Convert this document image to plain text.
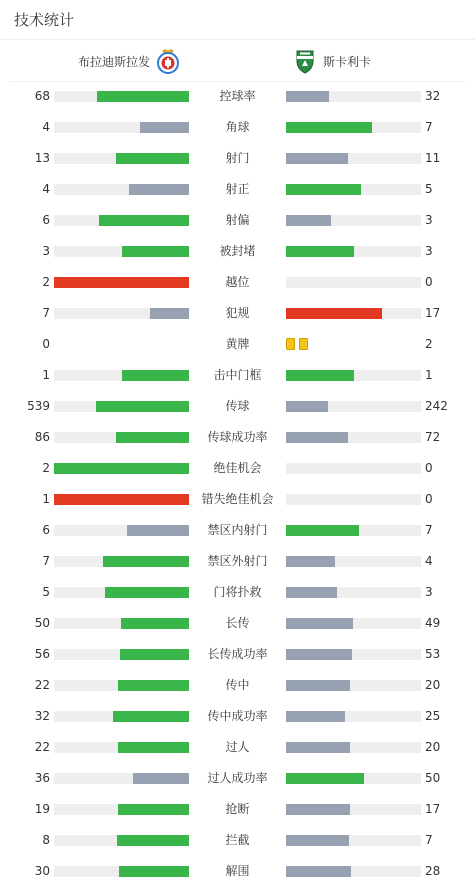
技术统计
布拉迪斯拉发	斯卡利卡
68	控球率	32
4	角球	7
13	射门	11
4	射正	5
6	射偏	3
3	被封堵	3
2	越位	0
7	犯规	17
0	黄牌	2
1	击中门框	1
539	传球	242
86	传球成功率	72
2	绝佳机会	0
1	错失绝佳机会	0
6	禁区内射门	7
7	禁区外射门	4
5	门将扑救	3
50	长传	49
56	长传成功率	53
22	传中	20
32	传中成功率	25
22	过人	20
36	过人成功率	50
19	抢断	17
8	拦截	7
30	解围	28
